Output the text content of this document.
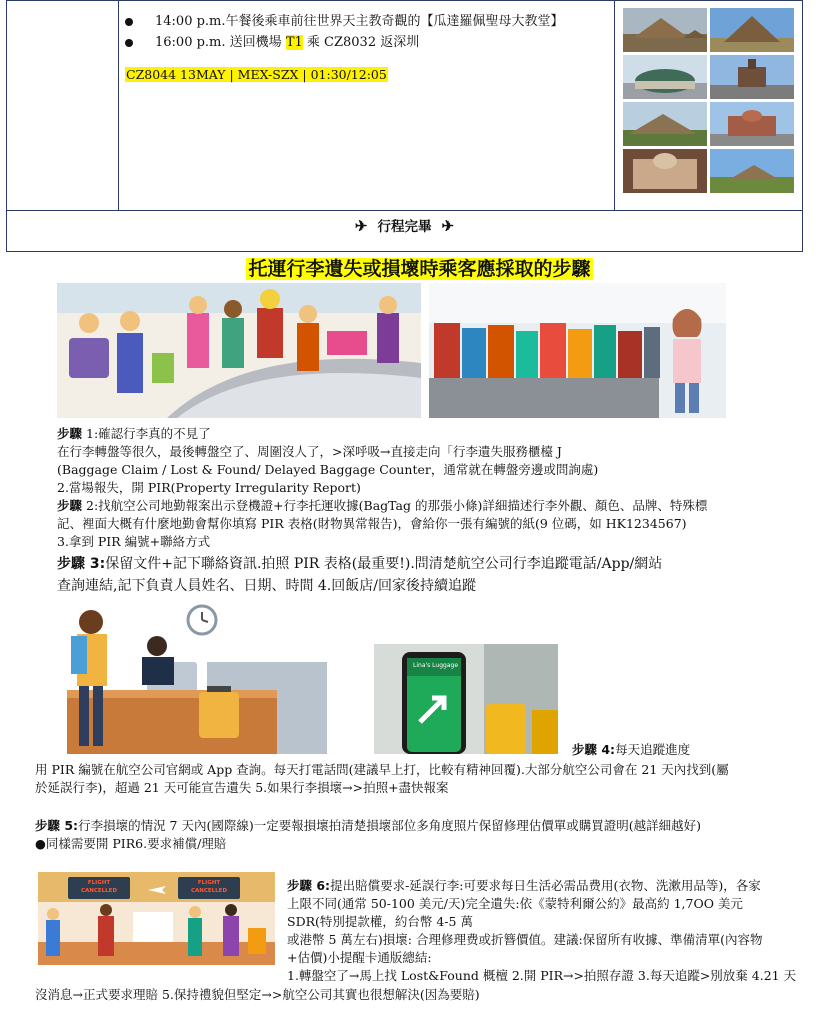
14:00 p.m.午餐後乘車前往世界天主教奇觀的【瓜達羅佩聖母大教堂】
16:00 p.m. 送回機場 T1 乘 CZ8032 返深圳
CZ8044 13MAY | MEX-SZX | 01:30/12:05
✈ 行程完畢 ✈
托運行李遺失或損壞時乘客應採取的步驟
步驟 1:確認行李真的不見了
在行李轉盤等很久，最後轉盤空了、周圍沒人了，>深呼吸→直接走向「行李遺失服務櫃檯 J
(Baggage Claim / Lost & Found/ Delayed Baggage Counter，通常就在轉盤旁邊或問詢處)
2.當場報失，開 PIR(Property Irregularity Report)
步驟 2:找航空公司地勤報案出示登機證+行李托運收據(BagTag 的那張小條)詳細描述行李外觀、顏色、品牌、特殊標
記、裡面大概有什麼地勤會幫你填寫 PIR 表格(財物異常報告)，會給你一張有編號的紙(9 位碼，如 HK1234567)
3.拿到 PIR 編號+聯絡方式
步驟 3:保留文件+記下聯絡資訊.拍照 PIR 表格(最重要!).問清楚航空公司行李追蹤電話/App/網站
查詢連結,記下負責人員姓名、日期、時間 4.回飯店/回家後持續追蹤
Lina's Luggage
步驟 4:每天追蹤進度
用 PIR 編號在航空公司官網或 App 查詢。每天打電話問(建議早上打，比較有精神回覆).大部分航空公司會在 21 天內找到(屬
於延誤行李)，超過 21 天可能宣告遺失 5.如果行李損壞→>拍照+盡快報案
步驟 5:行李損壞的情況 7 天內(國際線)一定要報損壞拍清楚損壞部位多角度照片保留修理估價單或購買證明(越詳細越好)
●同樣需要開 PIR6.要求補償/理賠
FLIGHT
CANCELLED
FLIGHT
CANCELLED	步驟 6:提出賠償要求-延誤行李:可要求每日生活必需品费用(衣物、洗漱用品等)，各家
上限不同(通常 50-100 美元/天)完全遺失:依《蒙特利爾公約》最高約 1,7OO 美元
SDR(特別提款權，約台幣 4-5 萬
或港幣 5 萬左右)損壞: 合理修理费或折簪價值。建議:保留所有收據、準備清單(內容物
+估價)小提醒卡通版總結:
1.轉盤空了→馬上找 Lost&Found 概檀 2.開 PIR→>拍照存證 3.每天追蹤>別放棄 4.21 天
沒消息→正式要求理賠 5.保持禮貌但堅定→>航空公司其實也很想解決(因為要賠)
